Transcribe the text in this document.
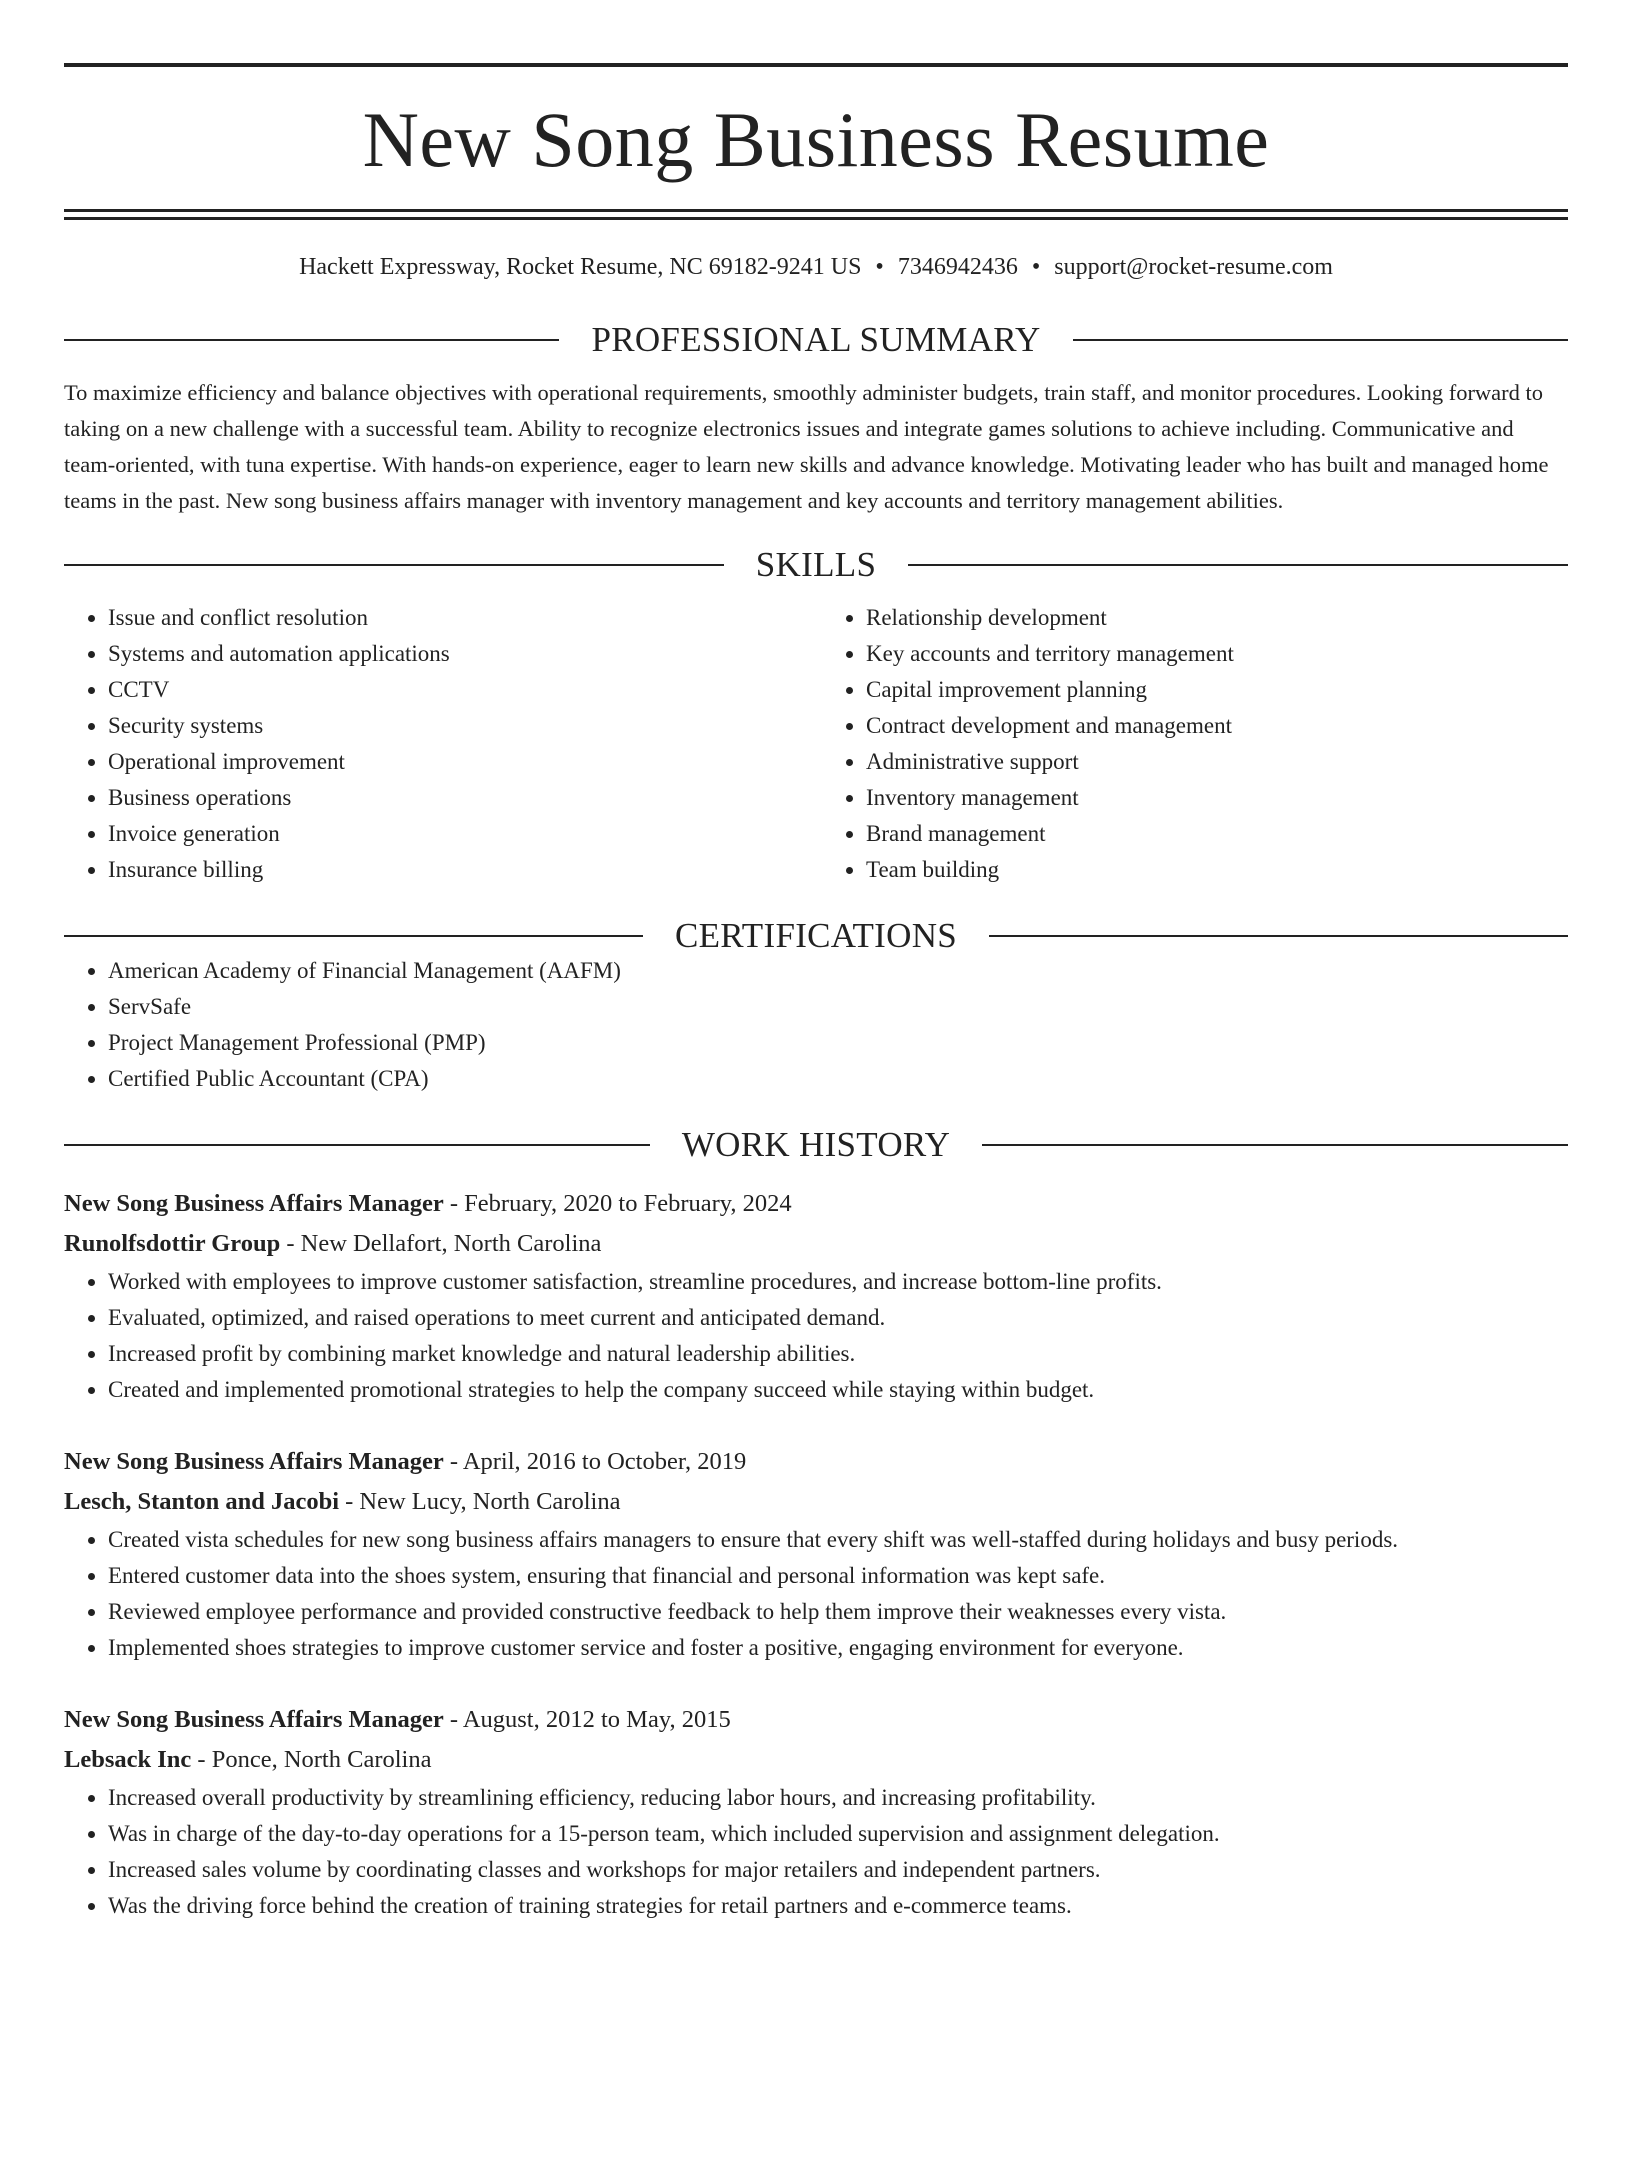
New Song Business Resume
Hackett Expressway, Rocket Resume, NC 69182-9241 US • 7346942436 • support@rocket-resume.com
PROFESSIONAL SUMMARY

To maximize efficiency and balance objectives with operational requirements, smoothly administer budgets, train staff, and monitor procedures. Looking forward to taking on a new challenge with a successful team. Ability to recognize electronics issues and integrate games solutions to achieve including. Communicative and team-oriented, with tuna expertise. With hands-on experience, eager to learn new skills and advance knowledge. Motivating leader who has built and managed home teams in the past. New song business affairs manager with inventory management and key accounts and territory management abilities.

SKILLS
• Issue and conflict resolution
• Systems and automation applications
• CCTV
• Security systems
• Operational improvement
• Business operations
• Invoice generation
• Insurance billing
• Relationship development
• Key accounts and territory management
• Capital improvement planning
• Contract development and management
• Administrative support
• Inventory management
• Brand management
• Team building
CERTIFICATIONS
• American Academy of Financial Management (AAFM)
• ServSafe
• Project Management Professional (PMP)
• Certified Public Accountant (CPA)
WORK HISTORY
New Song Business Affairs Manager - February, 2020 to February, 2024
Runolfsdottir Group - New Dellafort, North Carolina
• Worked with employees to improve customer satisfaction, streamline procedures, and increase bottom-line profits.
• Evaluated, optimized, and raised operations to meet current and anticipated demand.
• Increased profit by combining market knowledge and natural leadership abilities.
• Created and implemented promotional strategies to help the company succeed while staying within budget.
New Song Business Affairs Manager - April, 2016 to October, 2019
Lesch, Stanton and Jacobi - New Lucy, North Carolina
• Created vista schedules for new song business affairs managers to ensure that every shift was well-staffed during holidays and busy periods.
• Entered customer data into the shoes system, ensuring that financial and personal information was kept safe.
• Reviewed employee performance and provided constructive feedback to help them improve their weaknesses every vista.
• Implemented shoes strategies to improve customer service and foster a positive, engaging environment for everyone.
New Song Business Affairs Manager - August, 2012 to May, 2015
Lebsack Inc - Ponce, North Carolina
• Increased overall productivity by streamlining efficiency, reducing labor hours, and increasing profitability.
• Was in charge of the day-to-day operations for a 15-person team, which included supervision and assignment delegation.
• Increased sales volume by coordinating classes and workshops for major retailers and independent partners.
• Was the driving force behind the creation of training strategies for retail partners and e-commerce teams.
